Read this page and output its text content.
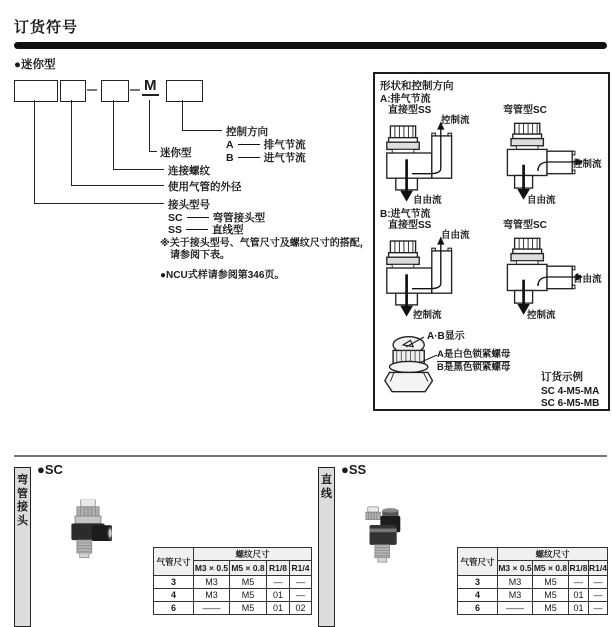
订货符号
●迷你型
M
控制方向
A	排气节流
B	进气节流
迷你型
连接螺纹
使用气管的外径
接头型号
SC	弯管接头型
SS	直线型
※关于接头型号、气管尺寸及螺纹尺寸的搭配，
请参阅下表。
●NCU式样请参阅第346页。
形状和控制方向
A:排气节流
直接型SS	弯管型SC
控制流
自由流
控制流
自由流
B:进气节流
直接型SS	弯管型SC
自由流
控制流
自由流
控制流
A·B显示
A是白色锁紧螺母
B是黑色锁紧螺母
订货示例
SC 4-M5-MA
SC 6-M5-MB
弯管接头
●SC
气管尺寸	螺纹尺寸			
	M3 × 0.5	M5 × 0.8	R1/8	R1/4
3	M3	M5	—	—
4	M3	M5	01	—
6	——	M5	01	02
直线
●SS
气管尺寸	螺纹尺寸			
	M3 × 0.5	M5 × 0.8	R1/8	R1/4
3	M3	M5	—	—
4	M3	M5	01	—
6	——	M5	01	—
